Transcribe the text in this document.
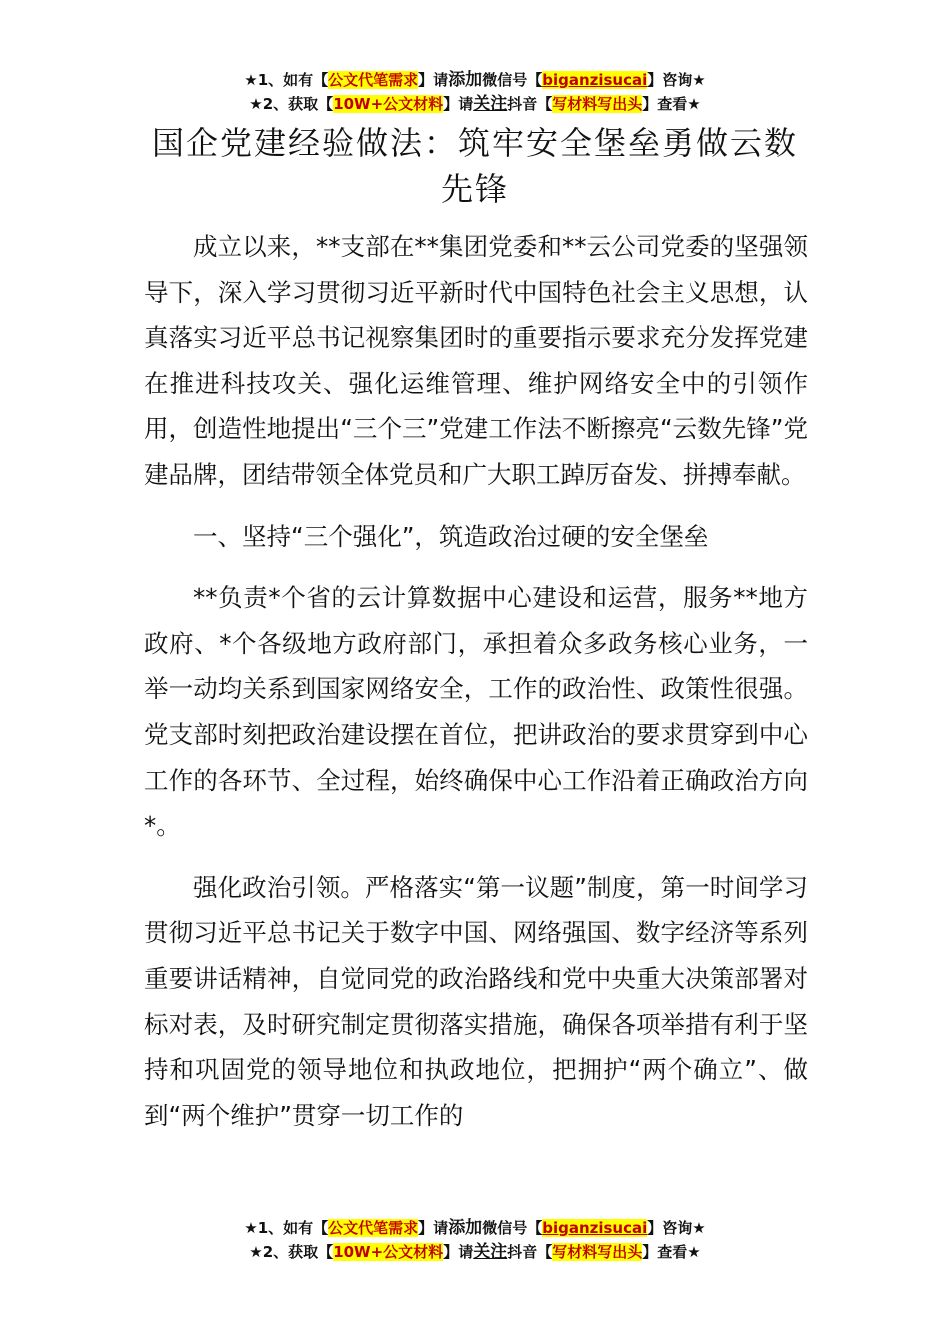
★1、如有【公文代笔需求】请添加微信号【biganzisucai】咨询★
★2、获取【10W+公文材料】请关注抖音【写材料写出头】查看★
国企党建经验做法：筑牢安全堡垒勇做云数先锋

成立以来，**支部在**集团党委和**云公司党委的坚强领导下，深入学习贯彻习近平新时代中国特色社会主义思想，认真落实习近平总书记视察集团时的重要指示要求充分发挥党建在推进科技攻关、强化运维管理、维护网络安全中的引领作用，创造性地提出“三个三”党建工作法不断擦亮“云数先锋”党建品牌，团结带领全体党员和广大职工踔厉奋发、拼搏奉献。

一、坚持“三个强化”，筑造政治过硬的安全堡垒

**负责*个省的云计算数据中心建设和运营，服务**地方政府、*个各级地方政府部门，承担着众多政务核心业务，一举一动均关系到国家网络安全，工作的政治性、政策性很强。党支部时刻把政治建设摆在首位，把讲政治的要求贯穿到中心工作的各环节、全过程，始终确保中心工作沿着正确政治方向*。

强化政治引领。严格落实“第一议题”制度，第一时间学习贯彻习近平总书记关于数字中国、网络强国、数字经济等系列重要讲话精神，自觉同党的政治路线和党中央重大决策部署对标对表，及时研究制定贯彻落实措施，确保各项举措有利于坚持和巩固党的领导地位和执政地位，把拥护“两个确立”、做到“两个维护”贯穿一切工作的

★1、如有【公文代笔需求】请添加微信号【biganzisucai】咨询★
★2、获取【10W+公文材料】请关注抖音【写材料写出头】查看★
